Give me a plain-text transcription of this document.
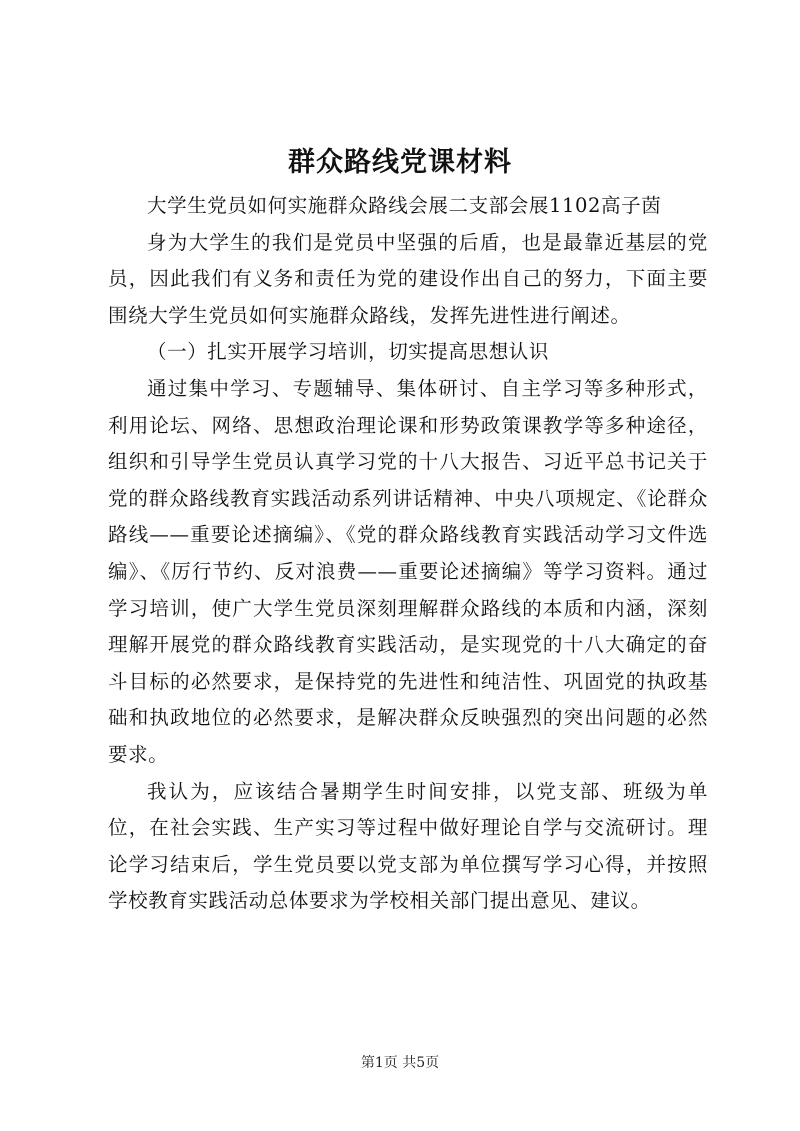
群众路线党课材料

大学生党员如何实施群众路线会展二支部会展1102高子茵

身为大学生的我们是党员中坚强的后盾，也是最靠近基层的党员，因此我们有义务和责任为党的建设作出自己的努力，下面主要围绕大学生党员如何实施群众路线，发挥先进性进行阐述。

（一）扎实开展学习培训，切实提高思想认识

通过集中学习、专题辅导、集体研讨、自主学习等多种形式，利用论坛、网络、思想政治理论课和形势政策课教学等多种途径，组织和引导学生党员认真学习党的十八大报告、习近平总书记关于党的群众路线教育实践活动系列讲话精神、中央八项规定、《论群众路线——重要论述摘编》、《党的群众路线教育实践活动学习文件选编》、《厉行节约、反对浪费——重要论述摘编》等学习资料。通过学习培训，使广大学生党员深刻理解群众路线的本质和内涵，深刻理解开展党的群众路线教育实践活动，是实现党的十八大确定的奋斗目标的必然要求，是保持党的先进性和纯洁性、巩固党的执政基础和执政地位的必然要求，是解决群众反映强烈的突出问题的必然要求。

我认为，应该结合暑期学生时间安排，以党支部、班级为单位，在社会实践、生产实习等过程中做好理论自学与交流研讨。理论学习结束后，学生党员要以党支部为单位撰写学习心得，并按照学校教育实践活动总体要求为学校相关部门提出意见、建议。

第1页 共5页
